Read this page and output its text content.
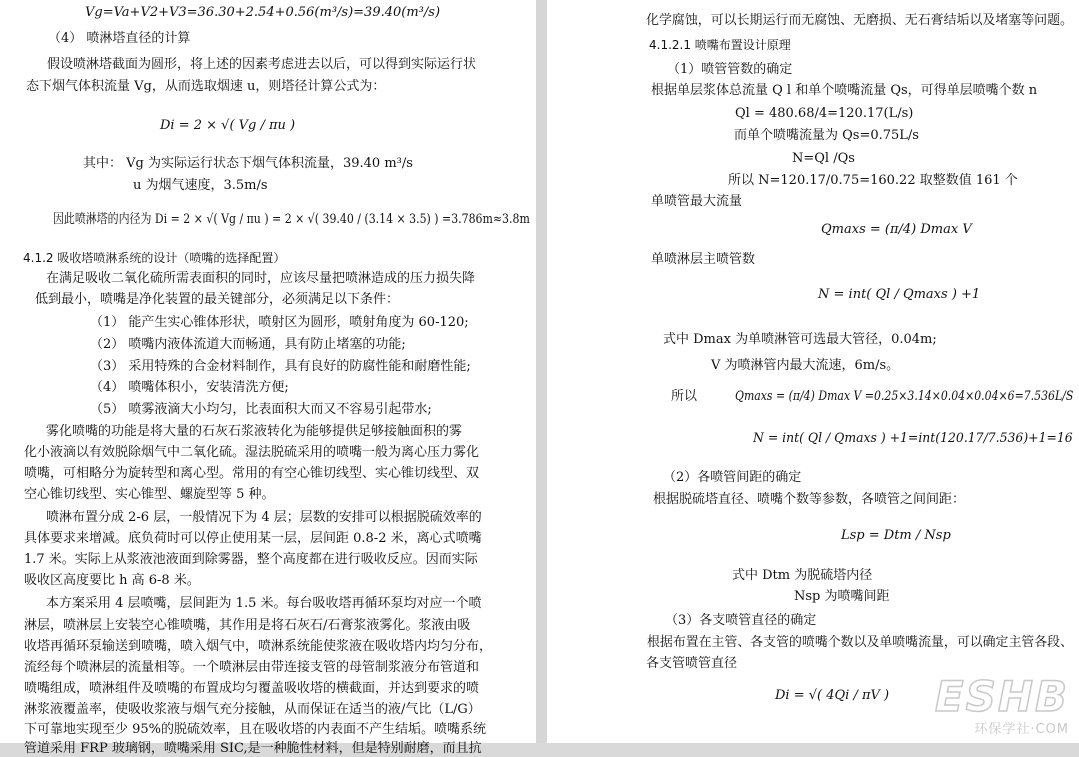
Vg=Va+V2+V3=36.30+2.54+0.56(m³/s)=39.40(m³/s)
（4） 喷淋塔直径的计算
假设喷淋塔截面为圆形，将上述的因素考虑进去以后，可以得到实际运行状
态下烟气体积流量 Vg，从而选取烟速 u，则塔径计算公式为：
Di = 2 × √( Vg / πu )
其中： Vg 为实际运行状态下烟气体积流量，39.40 m³/s
u 为烟气速度，3.5m/s
因此喷淋塔的内径为 Di = 2 × √( Vg / πu ) = 2 × √( 39.40 / (3.14 × 3.5) ) =3.786m≈3.8m
4.1.2 吸收塔喷淋系统的设计（喷嘴的选择配置）
在满足吸收二氧化硫所需表面积的同时，应该尽量把喷淋造成的压力损失降
低到最小，喷嘴是净化装置的最关键部分，必须满足以下条件：
（1） 能产生实心锥体形状，喷射区为圆形，喷射角度为 60-120;
（2） 喷嘴内液体流道大而畅通，具有防止堵塞的功能;
（3） 采用特殊的合金材料制作，具有良好的防腐性能和耐磨性能;
（4） 喷嘴体积小，安装清洗方便;
（5） 喷雾液滴大小均匀，比表面积大而又不容易引起带水;
雾化喷嘴的功能是将大量的石灰石浆液转化为能够提供足够接触面积的雾
化小液滴以有效脱除烟气中二氧化硫。湿法脱硫采用的喷嘴一般为离心压力雾化
喷嘴，可相略分为旋转型和离心型。常用的有空心锥切线型、实心锥切线型、双
空心锥切线型、实心锥型、螺旋型等 5 种。
喷淋布置分成 2-6 层，一般情况下为 4 层；层数的安排可以根据脱硫效率的
具体要求来增减。底负荷时可以停止使用某一层，层间距 0.8-2 米，离心式喷嘴
1.7 米。实际上从浆液池液面到除雾器，整个高度都在进行吸收反应。因而实际
吸收区高度要比 h 高 6-8 米。
本方案采用 4 层喷嘴，层间距为 1.5 米。每台吸收塔再循环泵均对应一个喷
淋层，喷淋层上安装空心锥喷嘴，其作用是将石灰石/石膏浆液雾化。浆液由吸
收塔再循环泵输送到喷嘴，喷入烟气中，喷淋系统能使浆液在吸收塔内均匀分布，
流经每个喷淋层的流量相等。一个喷淋层由带连接支管的母管制浆液分布管道和
喷嘴组成，喷淋组件及喷嘴的布置成均匀覆盖吸收塔的横截面，并达到要求的喷
淋浆液覆盖率，使吸收浆液与烟气充分接触，从而保证在适当的液/气比（L/G）
下可靠地实现至少 95%的脱硫效率，且在吸收塔的内表面不产生结垢。喷嘴系统
管道采用 FRP 玻璃钢，喷嘴采用 SIC,是一种脆性材料，但是特别耐磨，而且抗
化学腐蚀，可以长期运行而无腐蚀、无磨损、无石膏结垢以及堵塞等问题。
4.1.2.1 喷嘴布置设计原理
（1）喷管管数的确定
根据单层浆体总流量 Q l 和单个喷嘴流量 Qs，可得单层喷嘴个数 n
Ql = 480.68/4=120.17(L/s)
而单个喷嘴流量为 Qs=0.75L/s
N=Ql /Qs
所以 N=120.17/0.75=160.22 取整数值 161 个
单喷管最大流量
Qmaxs = (π/4) Dmax V
单喷淋层主喷管数
N = int( Ql / Qmaxs ) +1
式中 Dmax 为单喷淋管可选最大管径，0.04m;
V 为喷淋管内最大流速，6m/s。
所以	Qmaxs = (π/4) Dmax V =0.25×3.14×0.04×0.04×6=7.536L/S
N = int( Ql / Qmaxs ) +1=int(120.17/7.536)+1=16
（2）各喷管间距的确定
根据脱硫塔直径、喷嘴个数等参数，各喷管之间间距：
Lsp = Dtm / Nsp
式中 Dtm 为脱硫塔内径
Nsp 为喷嘴间距
（3）各支喷管直径的确定
根据布置在主管、各支管的喷嘴个数以及单喷嘴流量，可以确定主管各段、
各支管喷管直径
Di = √( 4Qi / πV ) ESHB
环保学社·COM
